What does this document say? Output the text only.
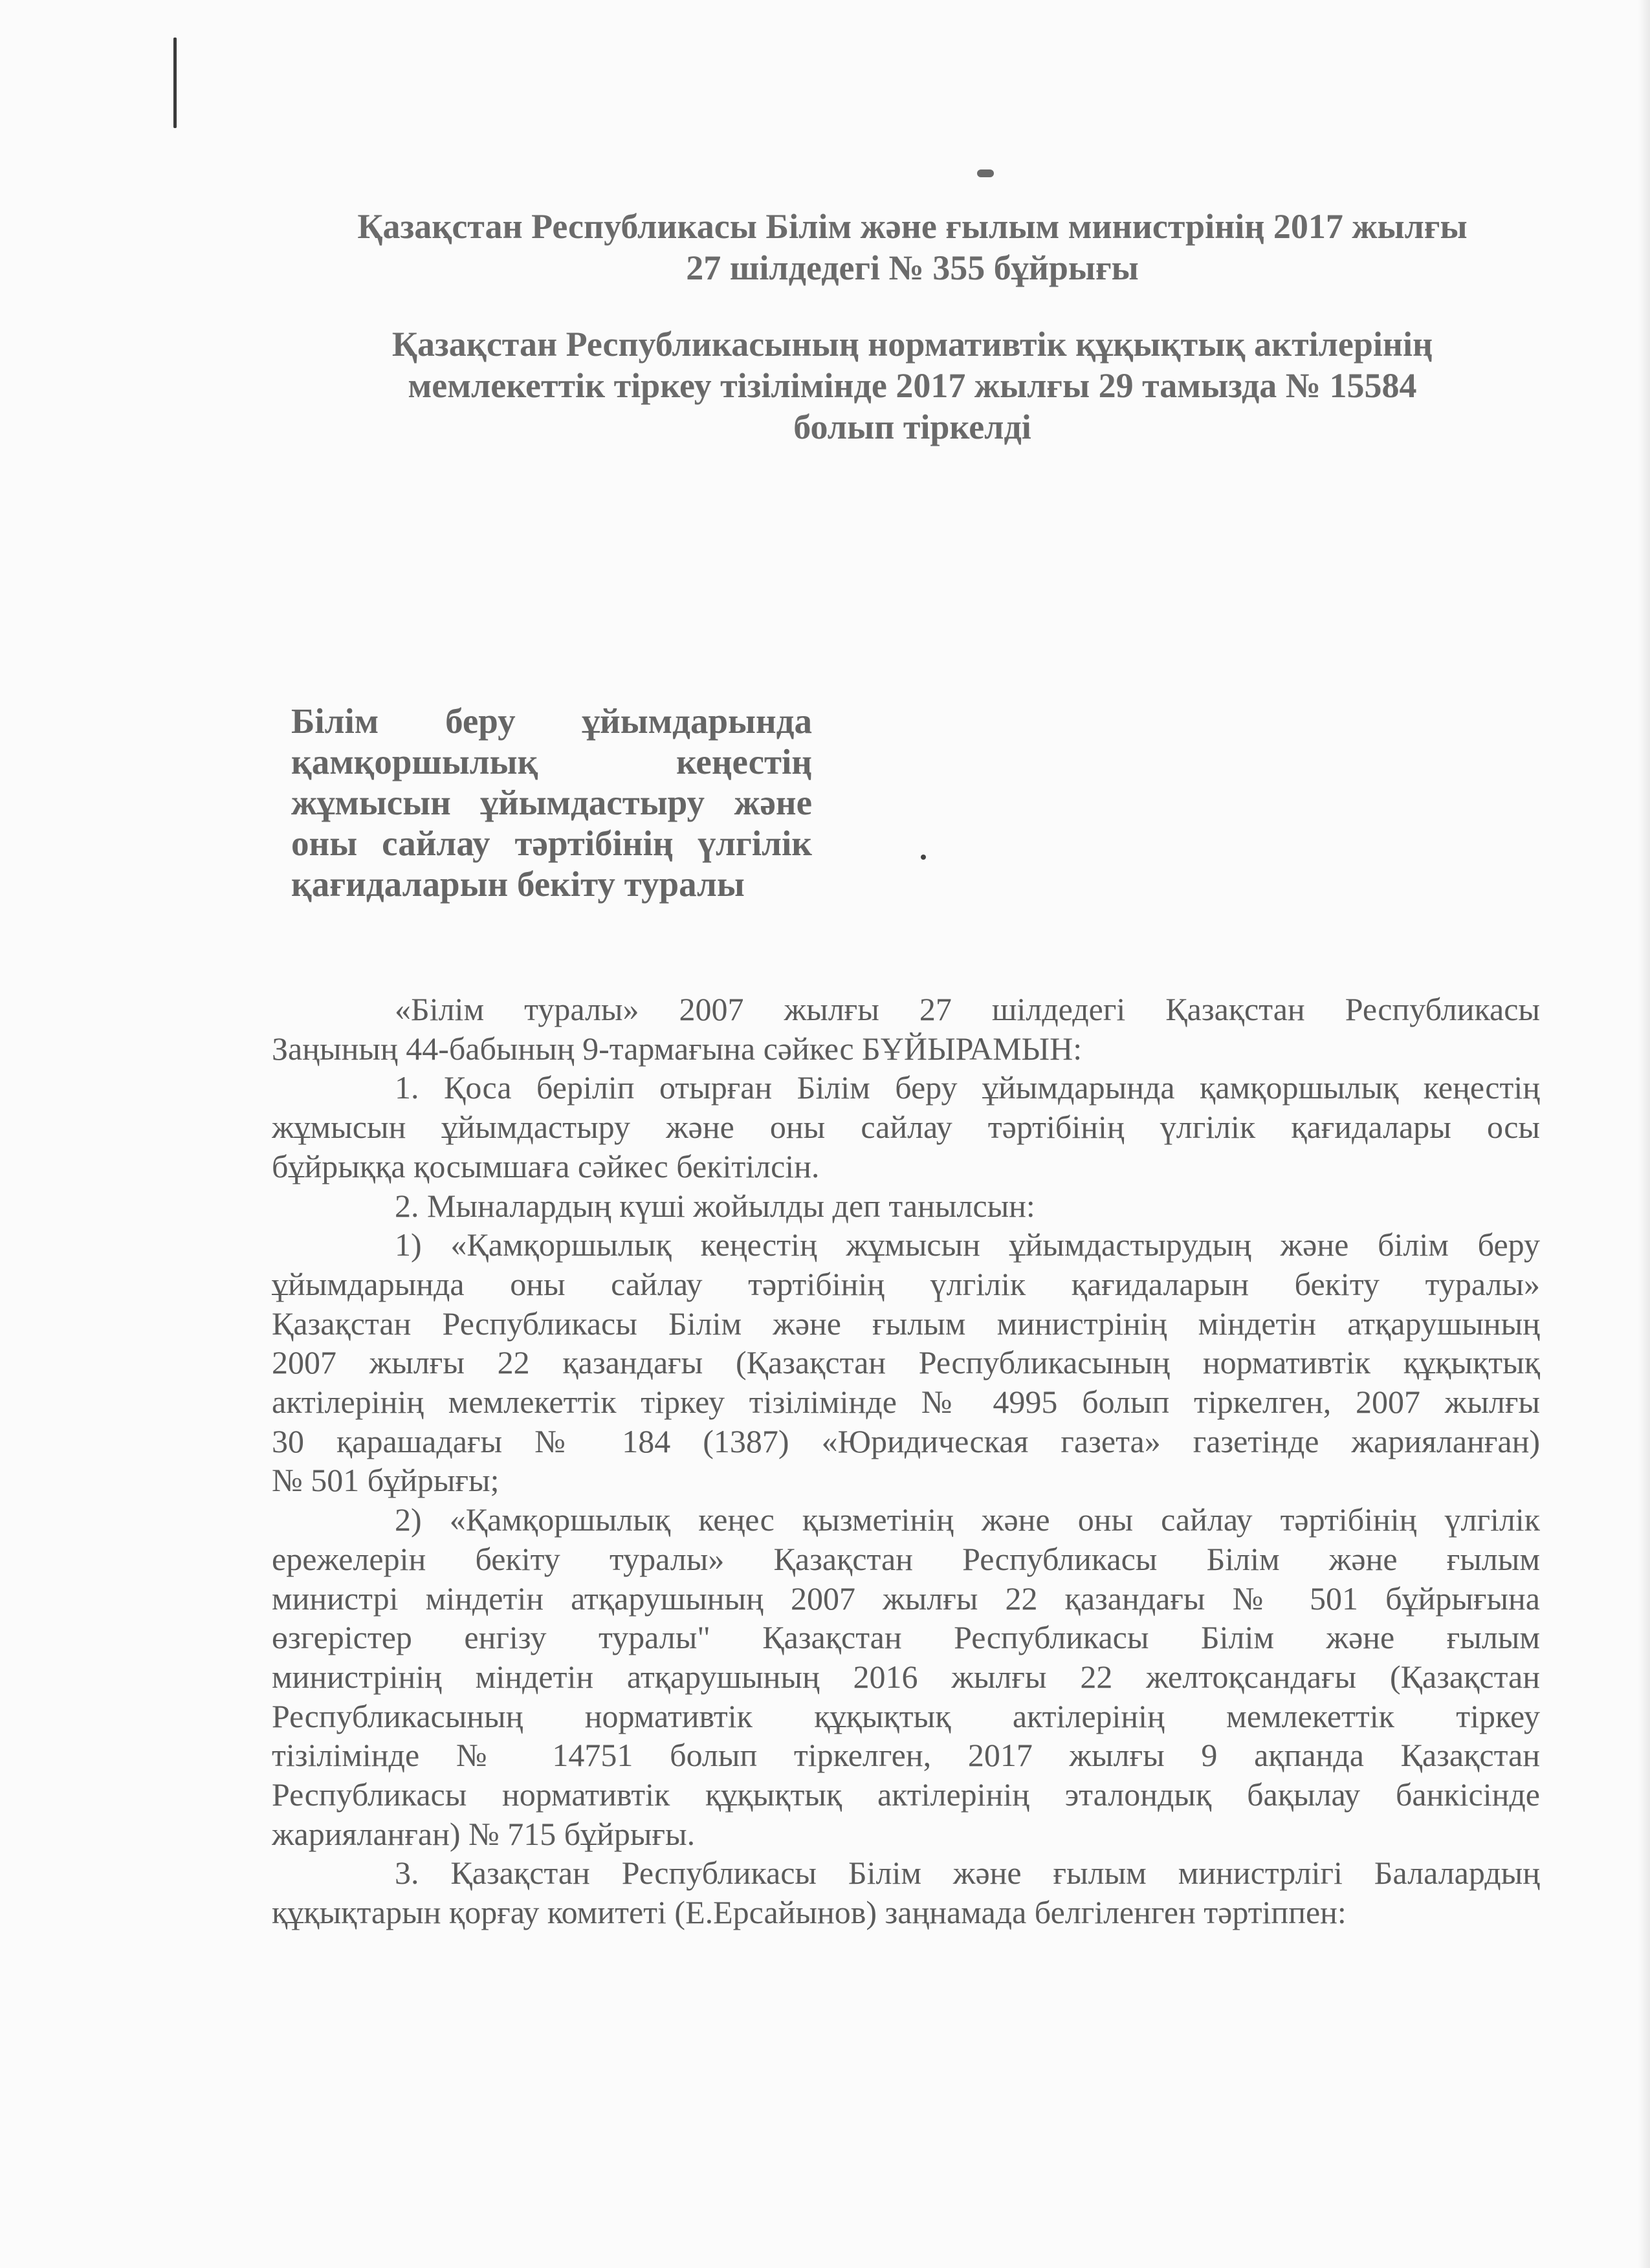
Қазақстан Республикасы Білім және ғылым министрінің 2017 жылғы
27 шілдедегі № 355 бұйрығы
Қазақстан Республикасының нормативтік құқықтық актілерінің
мемлекеттік тіркеу тізілімінде 2017 жылғы 29 тамызда № 15584
болып тіркелді
Білім беру ұйымдарында
қамқоршылық кеңестің
жұмысын ұйымдастыру және
оны сайлау тәртібінің үлгілік
қағидаларын бекіту туралы
«Білім туралы» 2007 жылғы 27 шілдедегі Қазақстан Республикасы
Заңының 44-бабының 9-тармағына сәйкес БҰЙЫРАМЫН:
1. Қоса беріліп отырған Білім беру ұйымдарында қамқоршылық кеңестің
жұмысын ұйымдастыру және оны сайлау тәртібінің үлгілік қағидалары осы
бұйрыққа қосымшаға сәйкес бекітілсін.
2. Мыналардың күші жойылды деп танылсын:
1) «Қамқоршылық кеңестің жұмысын ұйымдастырудың және білім беру
ұйымдарында оны сайлау тәртібінің үлгілік қағидаларын бекіту туралы»
Қазақстан Республикасы Білім және ғылым министрінің міндетін атқарушының
2007 жылғы 22 қазандағы (Қазақстан Республикасының нормативтік құқықтық
актілерінің мемлекеттік тіркеу тізілімінде № 4995 болып тіркелген, 2007 жылғы
30 қарашадағы № 184 (1387) «Юридическая газета» газетінде жарияланған)
№ 501 бұйрығы;
2) «Қамқоршылық кеңес қызметінің және оны сайлау тәртібінің үлгілік
ережелерін бекіту туралы» Қазақстан Республикасы Білім және ғылым
министрі міндетін атқарушының 2007 жылғы 22 қазандағы № 501 бұйрығына
өзгерістер енгізу туралы" Қазақстан Республикасы Білім және ғылым
министрінің міндетін атқарушының 2016 жылғы 22 желтоқсандағы (Қазақстан
Республикасының нормативтік құқықтық актілерінің мемлекеттік тіркеу
тізілімінде № 14751 болып тіркелген, 2017 жылғы 9 ақпанда Қазақстан
Республикасы нормативтік құқықтық актілерінің эталондық бақылау банкісінде
жарияланған) № 715 бұйрығы.
3. Қазақстан Республикасы Білім және ғылым министрлігі Балалардың
құқықтарын қорғау комитеті (Е.Ерсайынов) заңнамада белгіленген тәртіппен:
